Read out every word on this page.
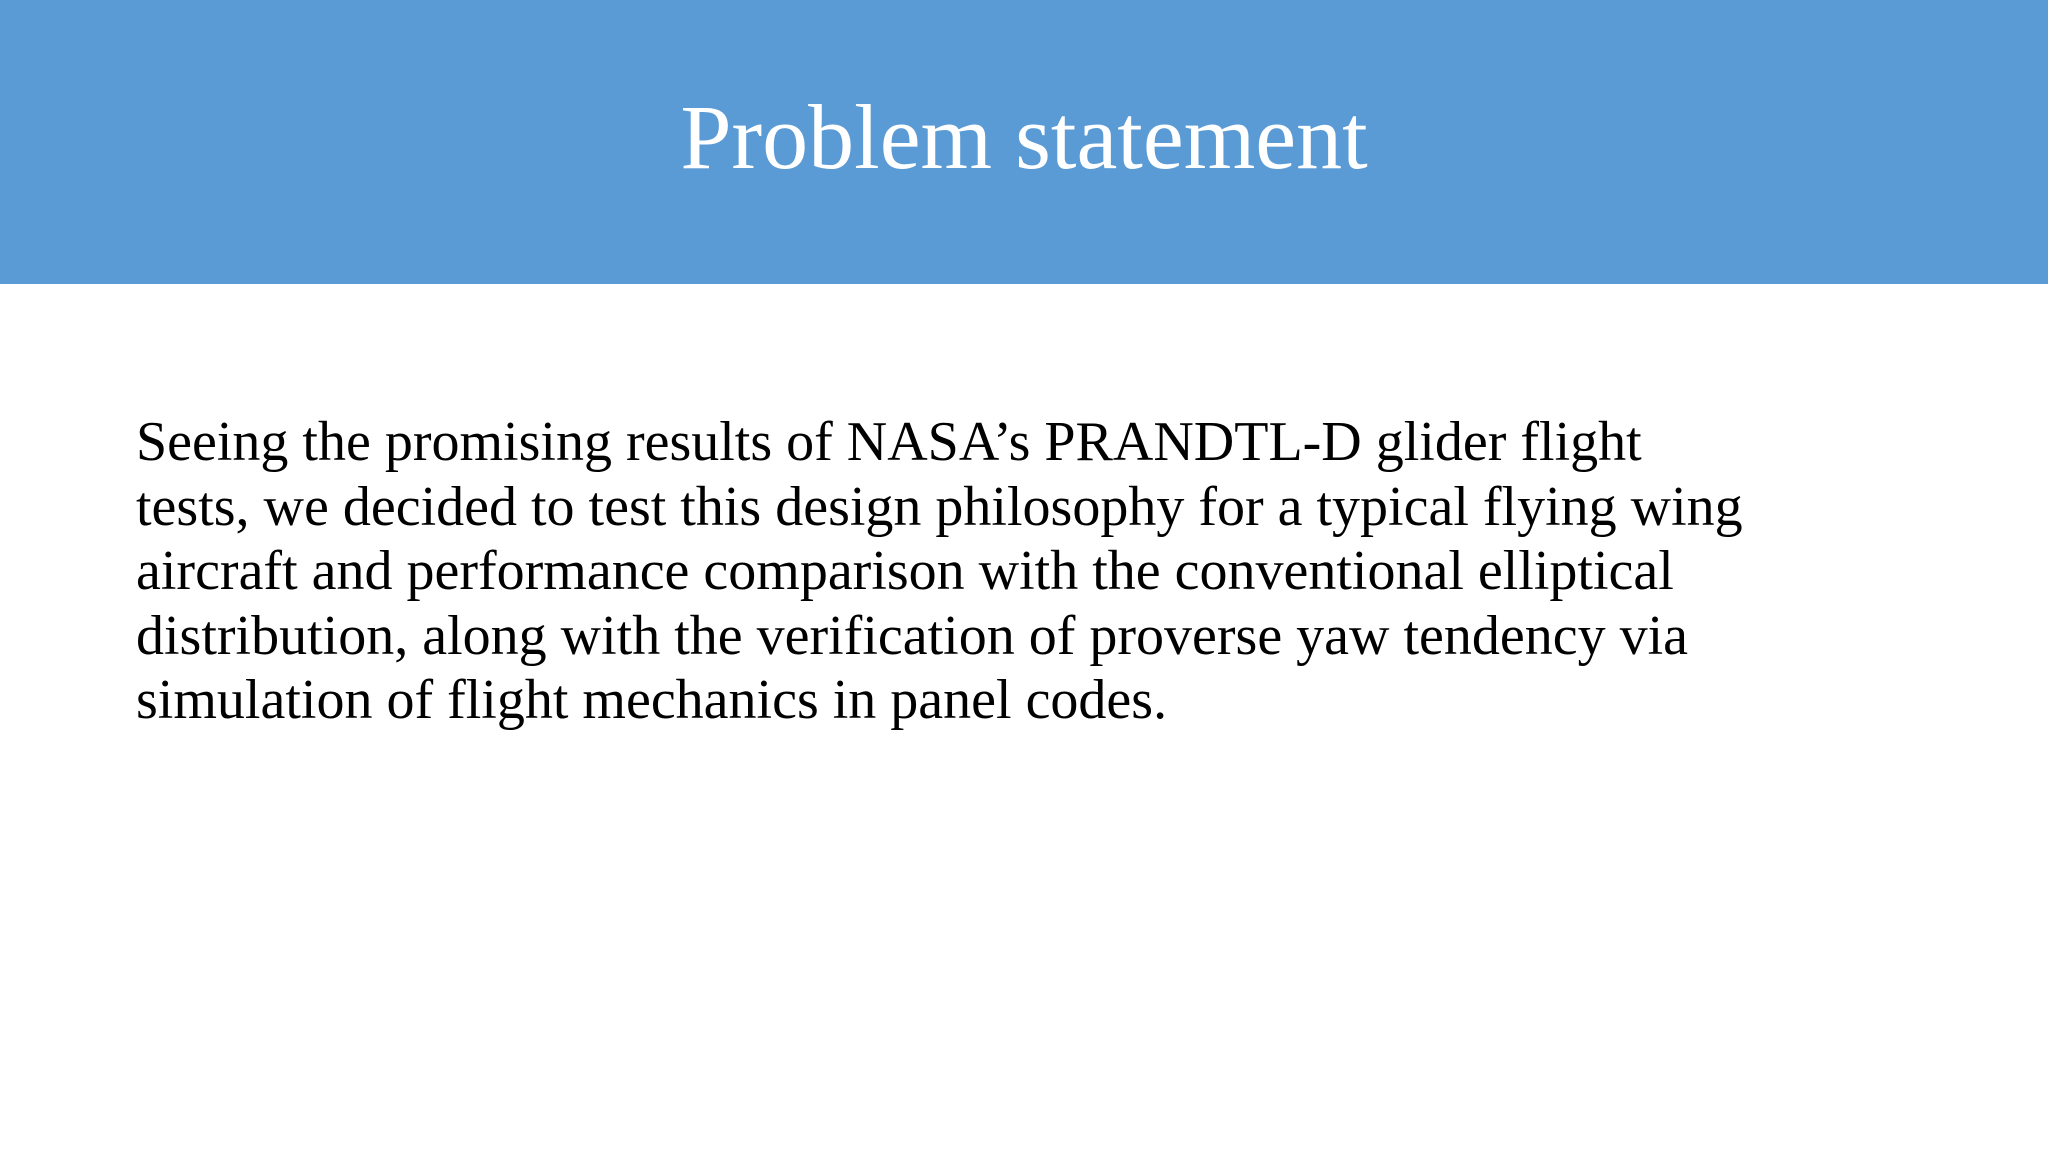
Problem statement
Seeing the promising results of NASA’s PRANDTL-D glider flight
tests, we decided to test this design philosophy for a typical flying wing
aircraft and performance comparison with the conventional elliptical
distribution, along with the verification of proverse yaw tendency via
simulation of flight mechanics in panel codes.
